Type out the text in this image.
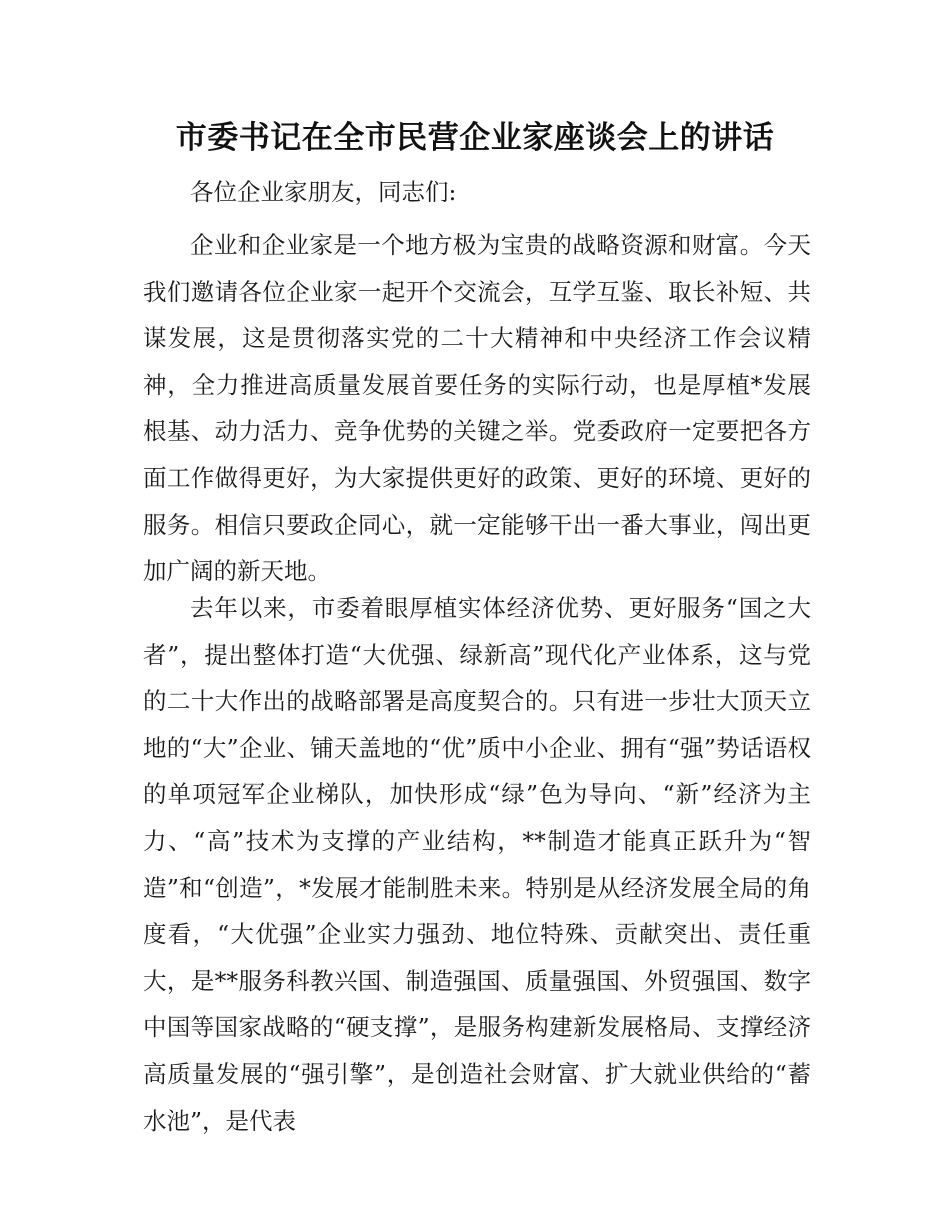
市委书记在全市民营企业家座谈会上的讲话
各位企业家朋友，同志们:

企业和企业家是一个地方极为宝贵的战略资源和财富。今天我们邀请各位企业家一起开个交流会，互学互鉴、取长补短、共谋发展，这是贯彻落实党的二十大精神和中央经济工作会议精神，全力推进高质量发展首要任务的实际行动，也是厚植*发展根基、动力活力、竞争优势的关键之举。党委政府一定要把各方面工作做得更好，为大家提供更好的政策、更好的环境、更好的服务。相信只要政企同心，就一定能够干出一番大事业，闯出更加广阔的新天地。

去年以来，市委着眼厚植实体经济优势、更好服务“国之大者”，提出整体打造“大优强、绿新高”现代化产业体系，这与党的二十大作出的战略部署是高度契合的。只有进一步壮大顶天立地的“大”企业、铺天盖地的“优”质中小企业、拥有“强”势话语权的单项冠军企业梯队，加快形成“绿”色为导向、“新”经济为主力、“高”技术为支撑的产业结构，**制造才能真正跃升为“智造”和“创造”，*发展才能制胜未来。特别是从经济发展全局的角度看，“大优强”企业实力强劲、地位特殊、贡献突出、责任重大，是**服务科教兴国、制造强国、质量强国、外贸强国、数字中国等国家战略的“硬支撑”，是服务构建新发展格局、支撑经济高质量发展的“强引擎”，是创造社会财富、扩大就业供给的“蓄水池”，是代表
